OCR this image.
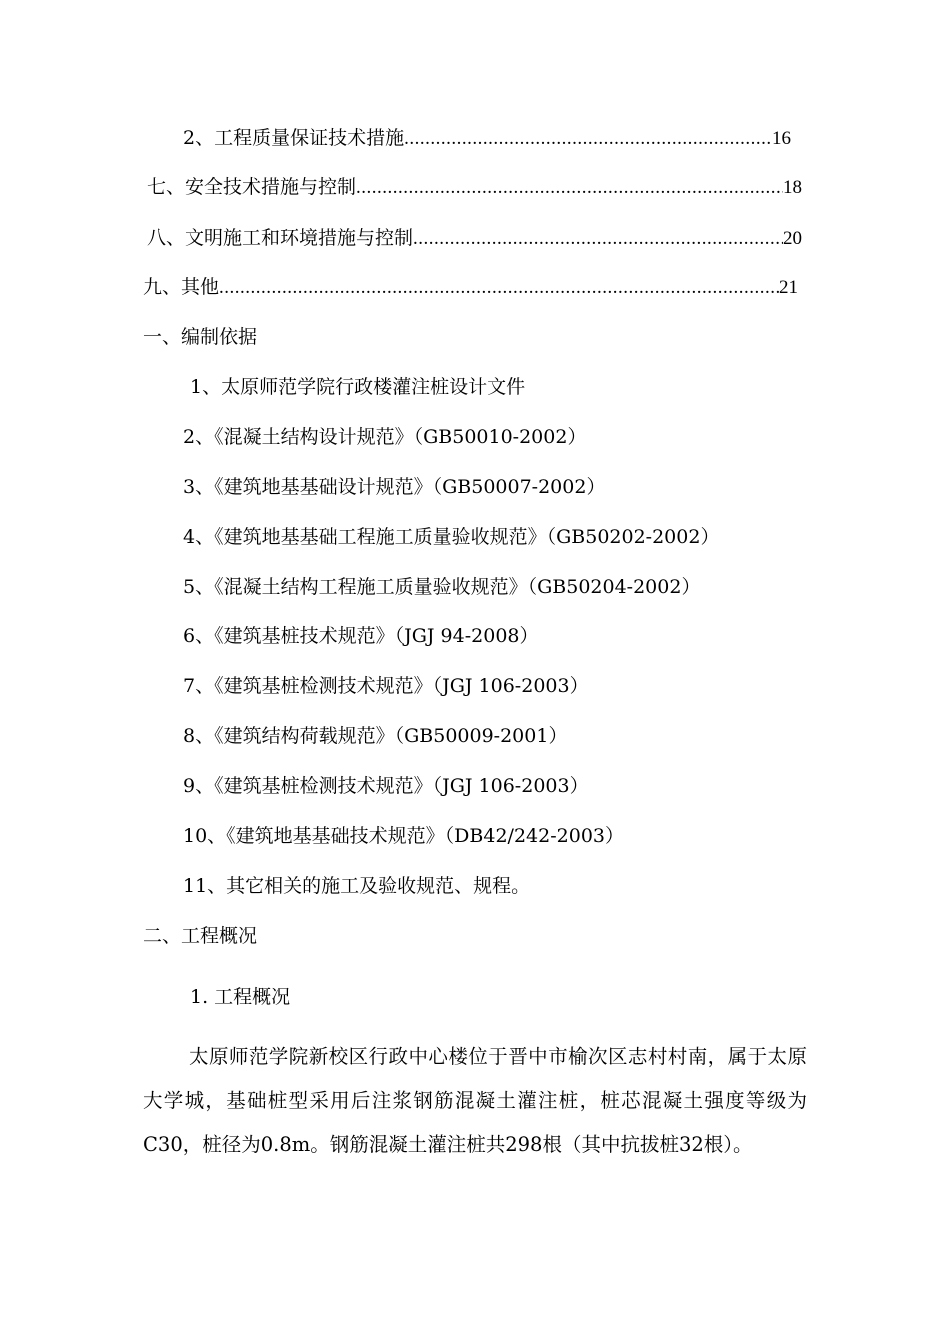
2、工程质量保证技术措施 .....	16
七、安全技术措施与控制 .....	18
八、文明施工和环境措施与控制 .....	20
九、其他 .....	21
一、编制依据
1、太原师范学院行政楼灌注桩设计文件
2、《混凝土结构设计规范》（GB50010-2002）
3、《建筑地基基础设计规范》（GB50007-2002）
4、《建筑地基基础工程施工质量验收规范》（GB50202-2002）
5、《混凝土结构工程施工质量验收规范》（GB50204-2002）
6、《建筑基桩技术规范》（JGJ 94-2008）
7、《建筑基桩检测技术规范》（JGJ 106-2003）
8、《建筑结构荷载规范》（GB50009-2001）
9、《建筑基桩检测技术规范》（JGJ 106-2003）
10、《建筑地基基础技术规范》（DB42/242-2003）
11、其它相关的施工及验收规范、规程。
二、工程概况
1. 工程概况

太原师范学院新校区行政中心楼位于晋中市榆次区志村村南，属于太原大学城，基础桩型采用后注浆钢筋混凝土灌注桩，桩芯混凝土强度等级为C30，桩径为0.8m。钢筋混凝土灌注桩共298根（其中抗拔桩32根）。
